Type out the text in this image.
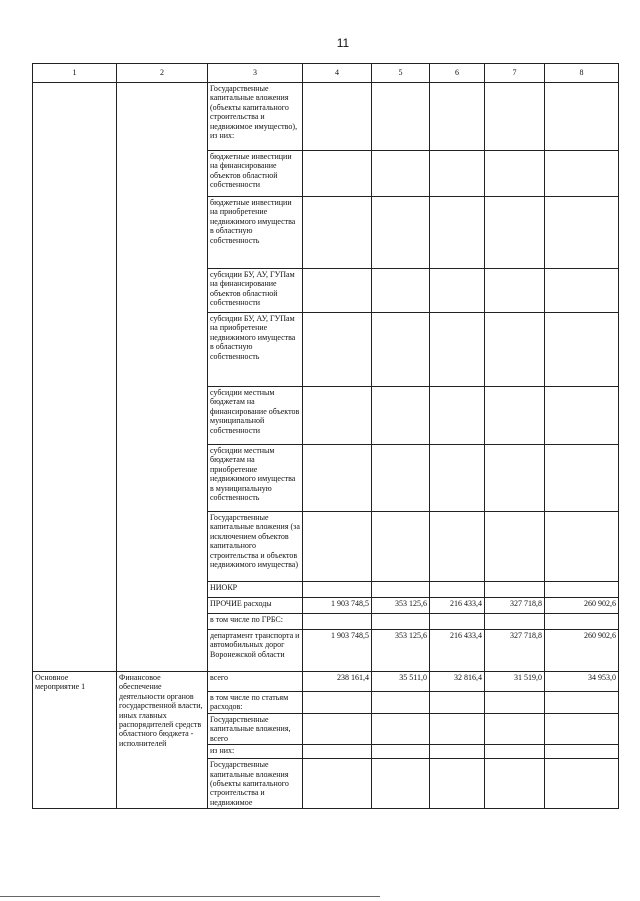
11
1	2	3	4	5	6	7	8
		Государственные капитальные вложения (объекты капитального строительства и недвижимое имущество), из них:					
		бюджетные инвестиции на финансирование объектов областной собственности					
		бюджетные инвестиции на приобретение недвижимого имущества в областную собственность					
		субсидии БУ, АУ, ГУПам на финансирование объектов областной собственности					
		субсидии БУ, АУ, ГУПам на приобретение недвижимого имущества в областную собственность					
		субсидии местным бюджетам на финансирование объектов муниципальной собственности					
		субсидии местным бюджетам на приобретение недвижимого имущества в муниципальную собственность					
		Государственные капитальные вложения (за исключением объектов капитального строительства и объектов недвижимого имущества)					
		НИОКР					
		ПРОЧИЕ расходы	1 903 748,5	353 125,6	216 433,4	327 718,8	260 902,6
		в том числе по ГРБС:					
		департамент транспорта и автомобильных дорог Воронежской области	1 903 748,5	353 125,6	216 433,4	327 718,8	260 902,6
Основное мероприятие 1	Финансовое обеспечение деятельности органов государственной власти, иных главных распорядителей средств областного бюджета - исполнителей	всего	238 161,4	35 511,0	32 816,4	31 519,0	34 953,0
		в том числе по статьям расходов:					
		Государственные капитальные вложения, всего					
		из них:					
		Государственные капитальные вложения (объекты капитального строительства и недвижимое					
